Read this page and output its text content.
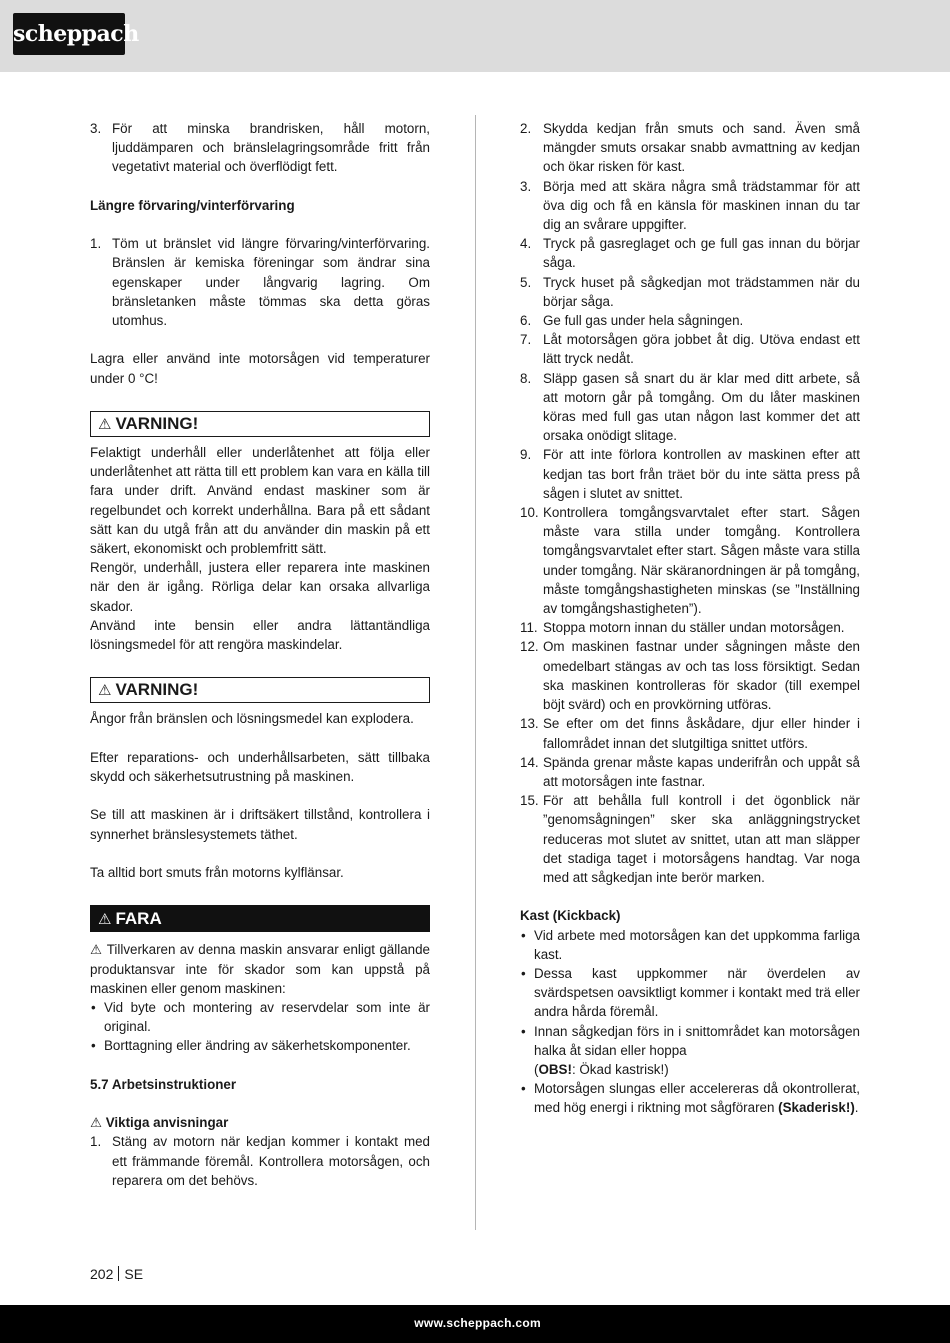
scheppach
3. För att minska brandrisken, håll motorn, ljuddämparen och bränslelagringsområde fritt från vegetativt material och överflödigt fett.

Längre förvaring/vinterförvaring

1. Töm ut bränslet vid längre förvaring/vinterförvaring. Bränslen är kemiska föreningar som ändrar sina egenskaper under långvarig lagring. Om bränsletanken måste tömmas ska detta göras utomhus.

Lagra eller använd inte motorsågen vid temperaturer under 0 °C!

⚠ VARNING!

Felaktigt underhåll eller underlåtenhet att följa eller underlåtenhet att rätta till ett problem kan vara en källa till fara under drift. Använd endast maskiner som är regelbundet och korrekt underhållna. Bara på ett sådant sätt kan du utgå från att du använder din maskin på ett säkert, ekonomiskt och problemfritt sätt.

Rengör, underhåll, justera eller reparera inte maskinen när den är igång. Rörliga delar kan orsaka allvarliga skador.

Använd inte bensin eller andra lättantändliga lösningsmedel för att rengöra maskindelar.

⚠ VARNING!

Ångor från bränslen och lösningsmedel kan explodera.

Efter reparations- och underhållsarbeten, sätt tillbaka skydd och säkerhetsutrustning på maskinen.

Se till att maskinen är i driftsäkert tillstånd, kontrollera i synnerhet bränslesystemets täthet.

Ta alltid bort smuts från motorns kylflänsar.

⚠ FARA

⚠ Tillverkaren av denna maskin ansvarar enligt gällande produktansvar inte för skador som kan uppstå på maskinen eller genom maskinen:

• Vid byte och montering av reservdelar som inte är original.
• Borttagning eller ändring av säkerhetskomponenter.

5.7 Arbetsinstruktioner

⚠ Viktiga anvisningar

1. Stäng av motorn när kedjan kommer i kontakt med ett främmande föremål. Kontrollera motorsågen, och reparera om det behövs.
2. Skydda kedjan från smuts och sand. Även små mängder smuts orsakar snabb avmattning av kedjan och ökar risken för kast.
3. Börja med att skära några små trädstammar för att öva dig och få en känsla för maskinen innan du tar dig an svårare uppgifter.
4. Tryck på gasreglaget och ge full gas innan du börjar såga.
5. Tryck huset på sågkedjan mot trädstammen när du börjar såga.
6. Ge full gas under hela sågningen.
7. Låt motorsågen göra jobbet åt dig. Utöva endast ett lätt tryck nedåt.
8. Släpp gasen så snart du är klar med ditt arbete, så att motorn går på tomgång. Om du låter maskinen köras med full gas utan någon last kommer det att orsaka onödigt slitage.
9. För att inte förlora kontrollen av maskinen efter att kedjan tas bort från träet bör du inte sätta press på sågen i slutet av snittet.
10. Kontrollera tomgångsvarvtalet efter start. Sågen måste vara stilla under tomgång. Kontrollera tomgångsvarvtalet efter start. Sågen måste vara stilla under tomgång. När skäranordningen är på tomgång, måste tomgångshastigheten minskas (se ”Inställning av tomgångshastigheten”).
11. Stoppa motorn innan du ställer undan motorsågen.
12. Om maskinen fastnar under sågningen måste den omedelbart stängas av och tas loss försiktigt. Sedan ska maskinen kontrolleras för skador (till exempel böjt svärd) och en provkörning utföras.
13. Se efter om det finns åskådare, djur eller hinder i fallområdet innan det slutgiltiga snittet utförs.
14. Spända grenar måste kapas underifrån och uppåt så att motorsågen inte fastnar.
15. För att behålla full kontroll i det ögonblick när ”genomsågningen” sker ska anläggningstrycket reduceras mot slutet av snittet, utan att man släpper det stadiga taget i motorsågens handtag. Var noga med att sågkedjan inte berör marken.

Kast (Kickback)

• Vid arbete med motorsågen kan det uppkomma farliga kast.
• Dessa kast uppkommer när överdelen av svärdspetsen oavsiktligt kommer i kontakt med trä eller andra hårda föremål.
• Innan sågkedjan förs in i snittområdet kan motorsågen halka åt sidan eller hoppa
(OBS!: Ökad kastrisk!)
• Motorsågen slungas eller accelereras då okontrollerat, med hög energi i riktning mot sågföraren (Skaderisk!).
202 SE
www.scheppach.com
